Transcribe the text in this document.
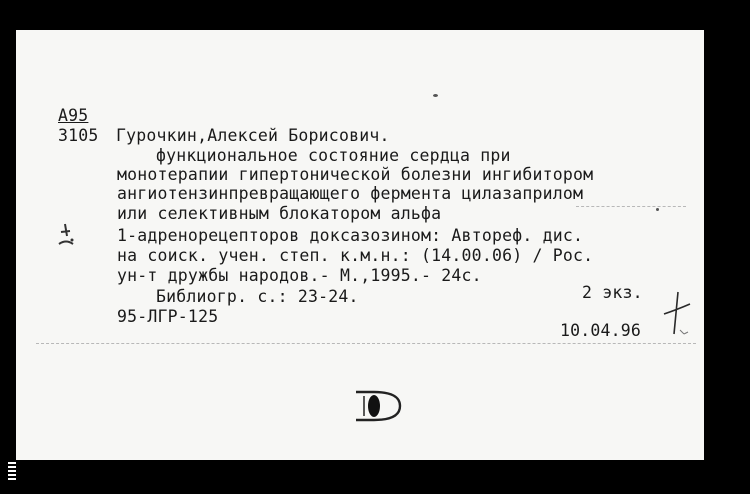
A95
3105 Гурочкин,Алексей Борисович.
функциональное состояние сердца при
монотерапии гипертонической болезни ингибитором
ангиотензинпревращающего фермента цилазаприлом
или селективным блокатором альфа
1-адренорецепторов доксазозином: Автореф. дис.
на соиск. учен. степ. к.м.н.: (14.00.06) / Рос.
ун-т дружбы народов.- М.,1995.- 24с.
Библиогр. с.: 23-24.	2 экз.
95-ЛГР-125
10.04.96
